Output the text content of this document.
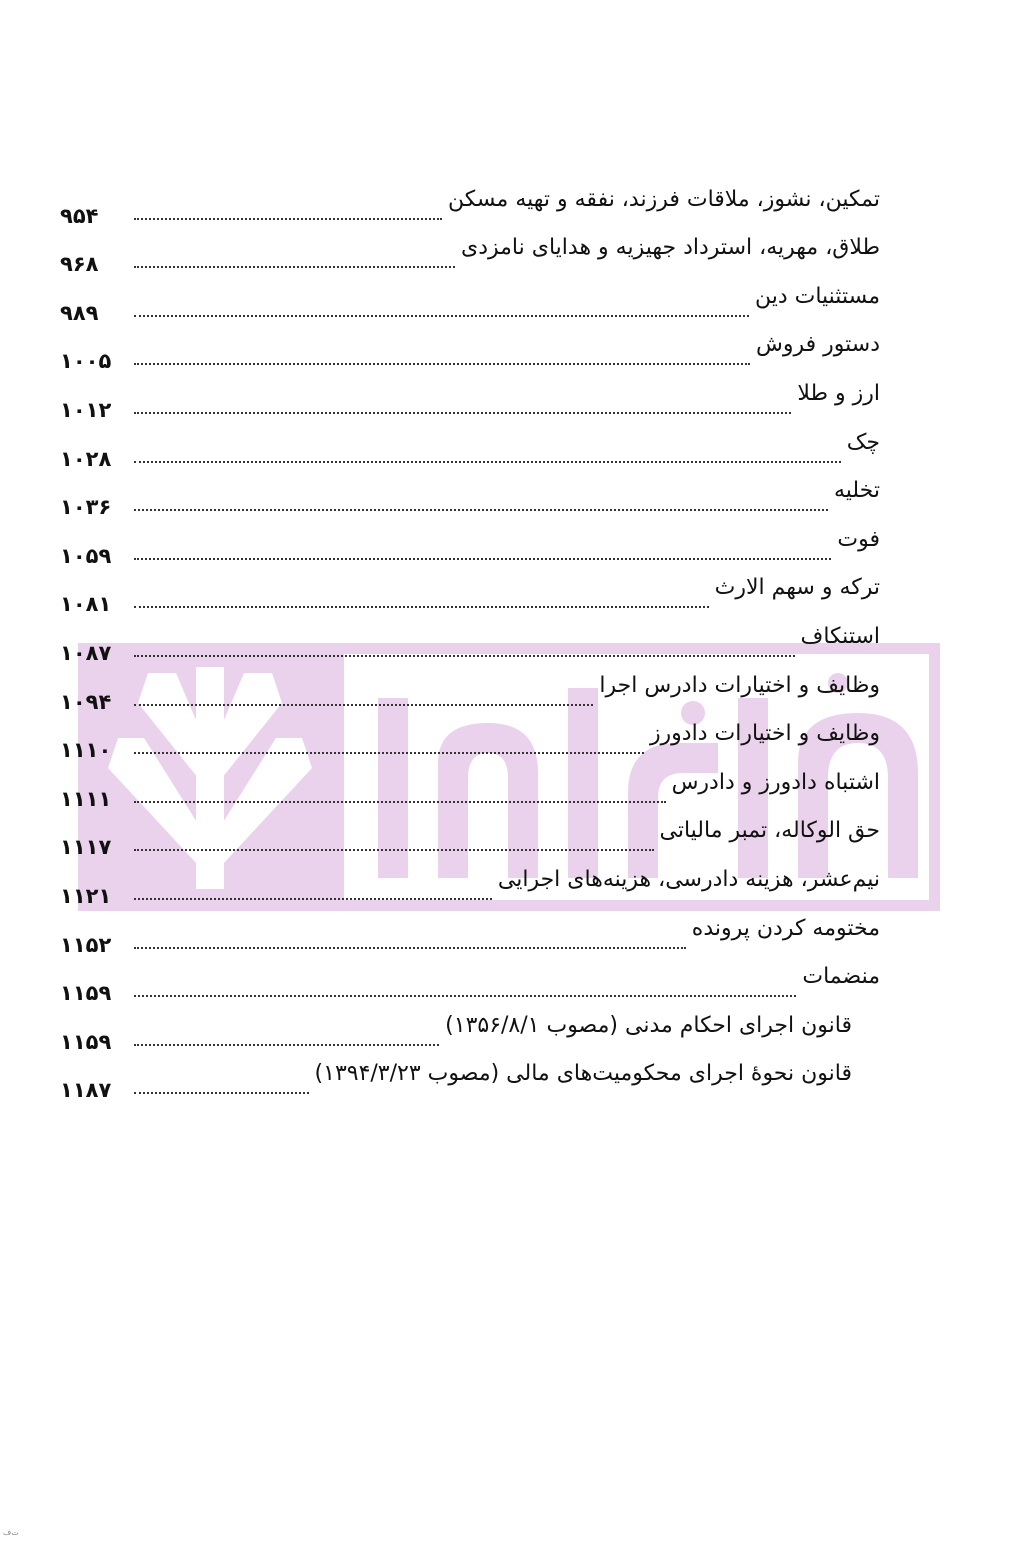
تمکین، نشوز، ملاقات فرزند، نفقه و تهیه مسکن
۹۵۴
طلاق، مهریه، استرداد جهیزیه و هدایای نامزدی
۹۶۸
مستثنیات دین
۹۸۹
دستور فروش
۱۰۰۵
ارز و طلا
۱۰۱۲
چک
۱۰۲۸
تخلیه
۱۰۳۶
فوت
۱۰۵۹
ترکه و سهم الارث
۱۰۸۱
استنکاف
۱۰۸۷
وظایف و اختیارات دادرس اجرا
۱۰۹۴
وظایف و اختیارات دادورز
۱۱۱۰
اشتباه دادورز و دادرس
۱۱۱۱
حق الوکاله، تمبر مالیاتی
۱۱۱۷
نیم‌عشر، هزینه دادرسی، هزینه‌های اجرایی
۱۱۲۱
مختومه کردن پرونده
۱۱۵۲
منضمات
۱۱۵۹
قانون اجرای احکام مدنی (مصوب ۱۳۵۶/۸/۱)
۱۱۵۹
قانون نحوهٔ اجرای محکومیت‌های مالی (مصوب ۱۳۹۴/۳/۲۳)
۱۱۸۷
ت‌ف
